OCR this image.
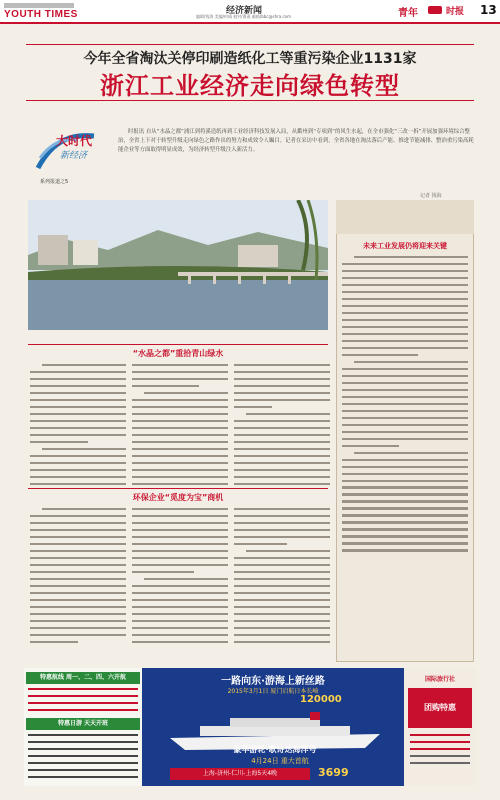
YOUTH TIMES	经济新闻
编辑/钱海 美编/何靖 校对/曹燕 邮箱/bbc@shra.com	青年	时报 13
今年全省淘汰关停印刷造纸化工等重污染企业1131家
浙江工业经济走向绿色转型
大时代
新经济
系列报道之5
时报讯 自从“水晶之都”浦江到将溪造纸再到工业经济科技发展入局，从衢州到“专项到”的风生水起，在全市强化“三改一拆”开展加强环境综合整治，全省上下对于转型升级走向绿色之路作出的努力和成效令人瞩目。记者在采访中看到，全省各地在淘汰落后产能、推进节能减排、整治重污染高耗能企业等方面取得明显成效，为经济转型升级注入新活力。
记者 钱海
“水晶之都”重拾青山绿水
环保企业“觅度为宝”商机
未来工业发展仍将迎来关键
特惠航线 周一、二、四、六开航
特惠日游 天天开班
一路向东·游海上新丝路
2015年3月1日 厦门启航日本长崎
120000
豪华游轮·歌诗达海洋号
4月24日 重大首航
上海-济州-仁川-上海5天4晚	3699
国际旅行社
团购特惠
